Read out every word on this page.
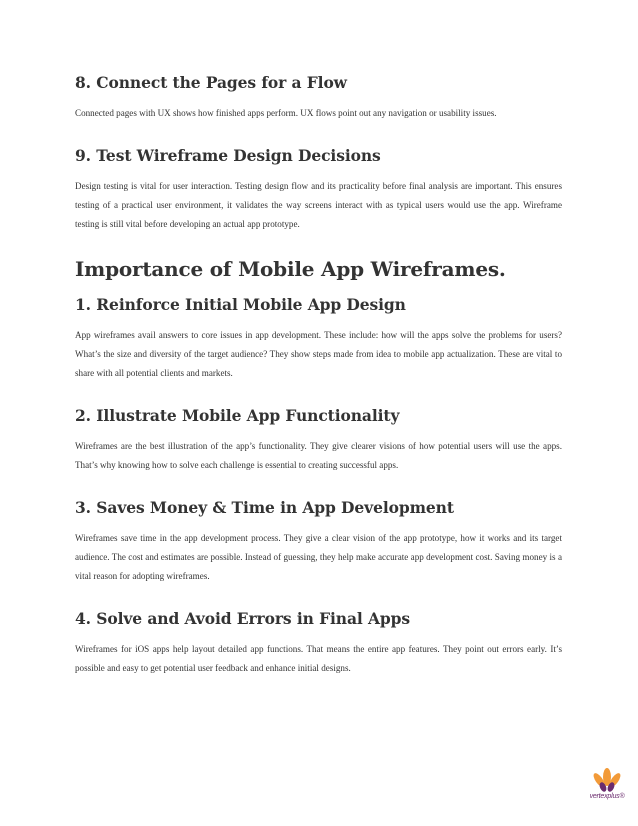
8. Connect the Pages for a Flow

Connected pages with UX shows how finished apps perform. UX flows point out any navigation or usability issues.

9. Test Wireframe Design Decisions

Design testing is vital for user interaction. Testing design flow and its practicality before final analysis are important. This ensures testing of a practical user environment, it validates the way screens interact with as typical users would use the app. Wireframe testing is still vital before developing an actual app prototype.

Importance of Mobile App Wireframes.
1. Reinforce Initial Mobile App Design

App wireframes avail answers to core issues in app development. These include: how will the apps solve the problems for users? What’s the size and diversity of the target audience? They show steps made from idea to mobile app actualization. These are vital to share with all potential clients and markets.

2. Illustrate Mobile App Functionality

Wireframes are the best illustration of the app’s functionality. They give clearer visions of how potential users will use the apps. That’s why knowing how to solve each challenge is essential to creating successful apps.

3. Saves Money & Time in App Development

Wireframes save time in the app development process. They give a clear vision of the app prototype, how it works and its target audience. The cost and estimates are possible. Instead of guessing, they help make accurate app development cost. Saving money is a vital reason for adopting wireframes.

4. Solve and Avoid Errors in Final Apps

Wireframes for iOS apps help layout detailed app functions. That means the entire app features. They point out errors early. It’s possible and easy to get potential user feedback and enhance initial designs.

vertexplus®
